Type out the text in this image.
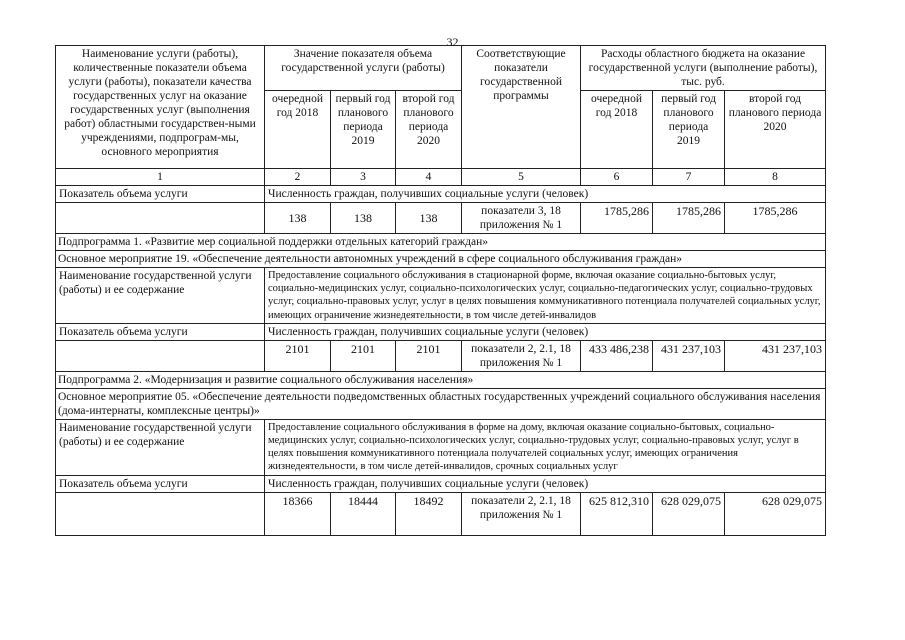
32
Наименование услуги (работы), количественные показатели объема услуги (работы), показатели качества государственных услуг на оказание государственных услуг (выполнения работ) областными государствен-ными учреждениями, подпрограм-мы, основного мероприятия	Значение показателя объема государственной услуги (работы)			Соответствующие показатели государственной программы	Расходы областного бюджета на оказание государственной услуги (выполнение работы), тыс. руб.		
	очередной год 2018	первый год планового периода 2019	второй год планового периода 2020		очередной год 2018	первый год планового периода 2019	второй год планового периода 2020
1	2	3	4	5	6	7	8
Показатель объема услуги	Численность граждан, получивших социальные услуги (человек)						
	138	138	138	показатели 3, 18 приложения № 1	1785,286	1785,286	1785,286
Подпрограмма 1. «Развитие мер социальной поддержки отдельных категорий граждан»							
Основное мероприятие 19. «Обеспечение деятельности автономных учреждений в сфере социального обслуживания граждан»							
Наименование государственной услуги (работы) и ее содержание	Предоставление социального обслуживания в стационарной форме, включая оказание социально-бытовых услуг, социально-медицинских услуг, социально-психологических услуг, социально-педагогических услуг, социально-трудовых услуг, социально-правовых услуг, услуг в целях повышения коммуникативного потенциала получателей социальных услуг, имеющих ограничение жизнедеятельности, в том числе детей-инвалидов						
Показатель объема услуги	Численность граждан, получивших социальные услуги (человек)						
	2101	2101	2101	показатели 2, 2.1, 18 приложения № 1	433 486,238	431 237,103	431 237,103
Подпрограмма 2. «Модернизация и развитие социального обслуживания населения»							
Основное мероприятие 05. «Обеспечение деятельности подведомственных областных государственных учреждений социального обслуживания населения (дома-интернаты, комплексные центры)»							
Наименование государственной услуги (работы) и ее содержание	Предоставление социального обслуживания в форме на дому, включая оказание социально-бытовых, социально-медицинских услуг, социально-психологических услуг, социально-трудовых услуг, социально-правовых услуг, услуг в целях повышения коммуникативного потенциала получателей социальных услуг, имеющих ограничения жизнедеятельности, в том числе детей-инвалидов, срочных социальных услуг						
Показатель объема услуги	Численность граждан, получивших социальные услуги (человек)						
	18366	18444	18492	показатели 2, 2.1, 18 приложения № 1	625 812,310	628 029,075	628 029,075
